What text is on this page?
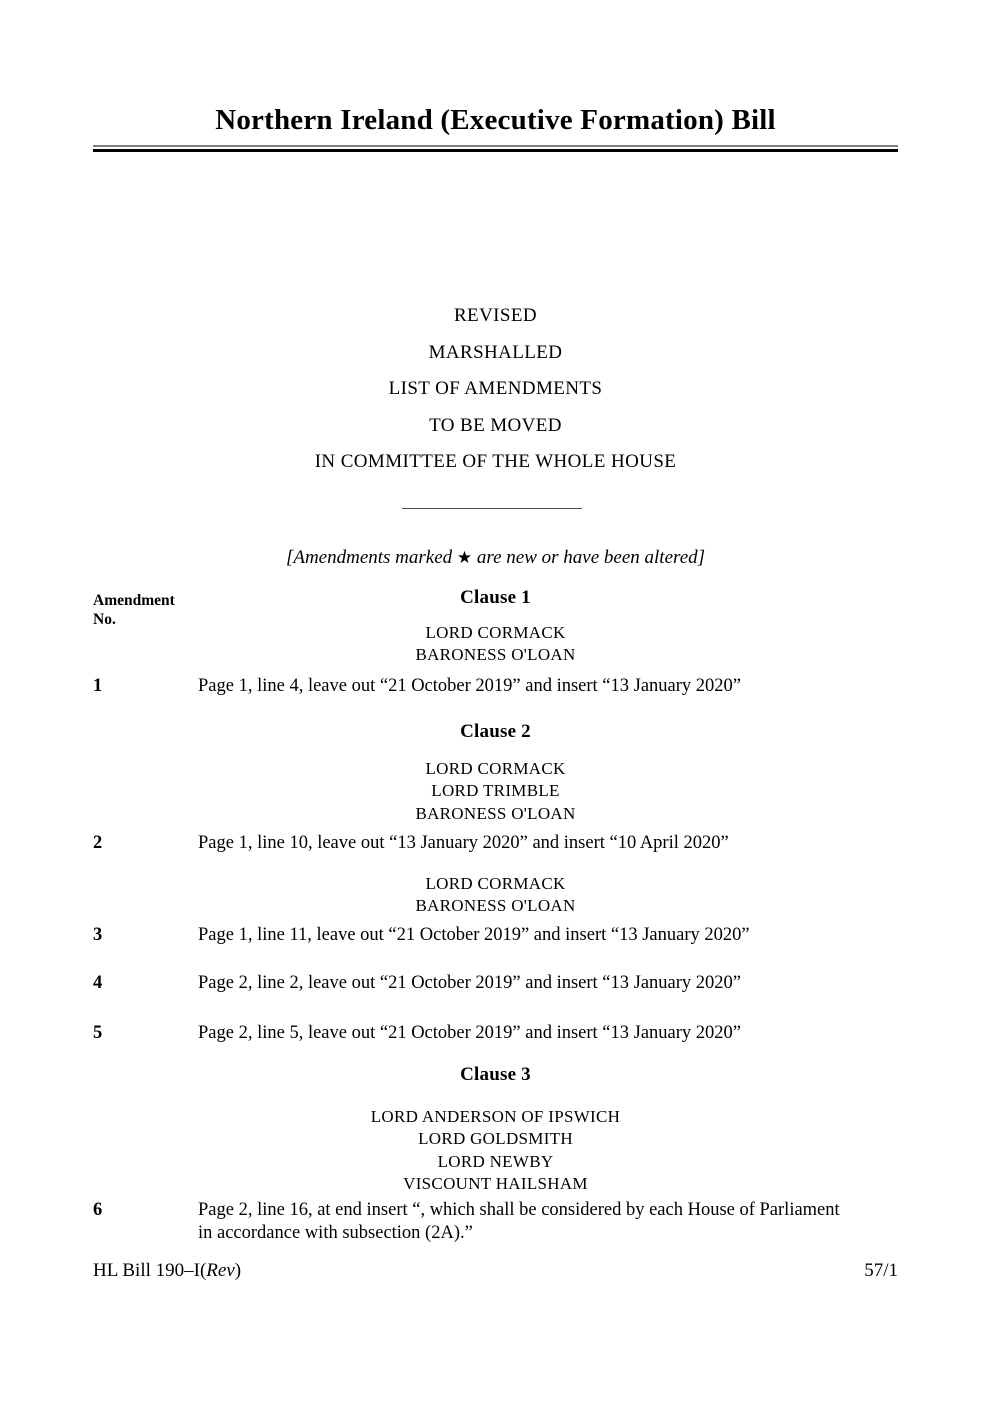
Northern Ireland (Executive Formation) Bill
REVISED
MARSHALLED
LIST OF AMENDMENTS
TO BE MOVED
IN COMMITTEE OF THE WHOLE HOUSE
[Amendments marked ★ are new or have been altered]
Amendment
No.
Clause 1
LORD CORMACK
BARONESS O'LOAN
1	Page 1, line 4, leave out “21 October 2019” and insert “13 January 2020”
Clause 2
LORD CORMACK
LORD TRIMBLE
BARONESS O'LOAN
2	Page 1, line 10, leave out “13 January 2020” and insert “10 April 2020”
LORD CORMACK
BARONESS O'LOAN
3	Page 1, line 11, leave out “21 October 2019” and insert “13 January 2020”
4	Page 2, line 2, leave out “21 October 2019” and insert “13 January 2020”
5	Page 2, line 5, leave out “21 October 2019” and insert “13 January 2020”
Clause 3
LORD ANDERSON OF IPSWICH
LORD GOLDSMITH
LORD NEWBY
VISCOUNT HAILSHAM
6	Page 2, line 16, at end insert “, which shall be considered by each House of Parliament
in accordance with subsection (2A).”
HL Bill 190–I(Rev)	57/1
